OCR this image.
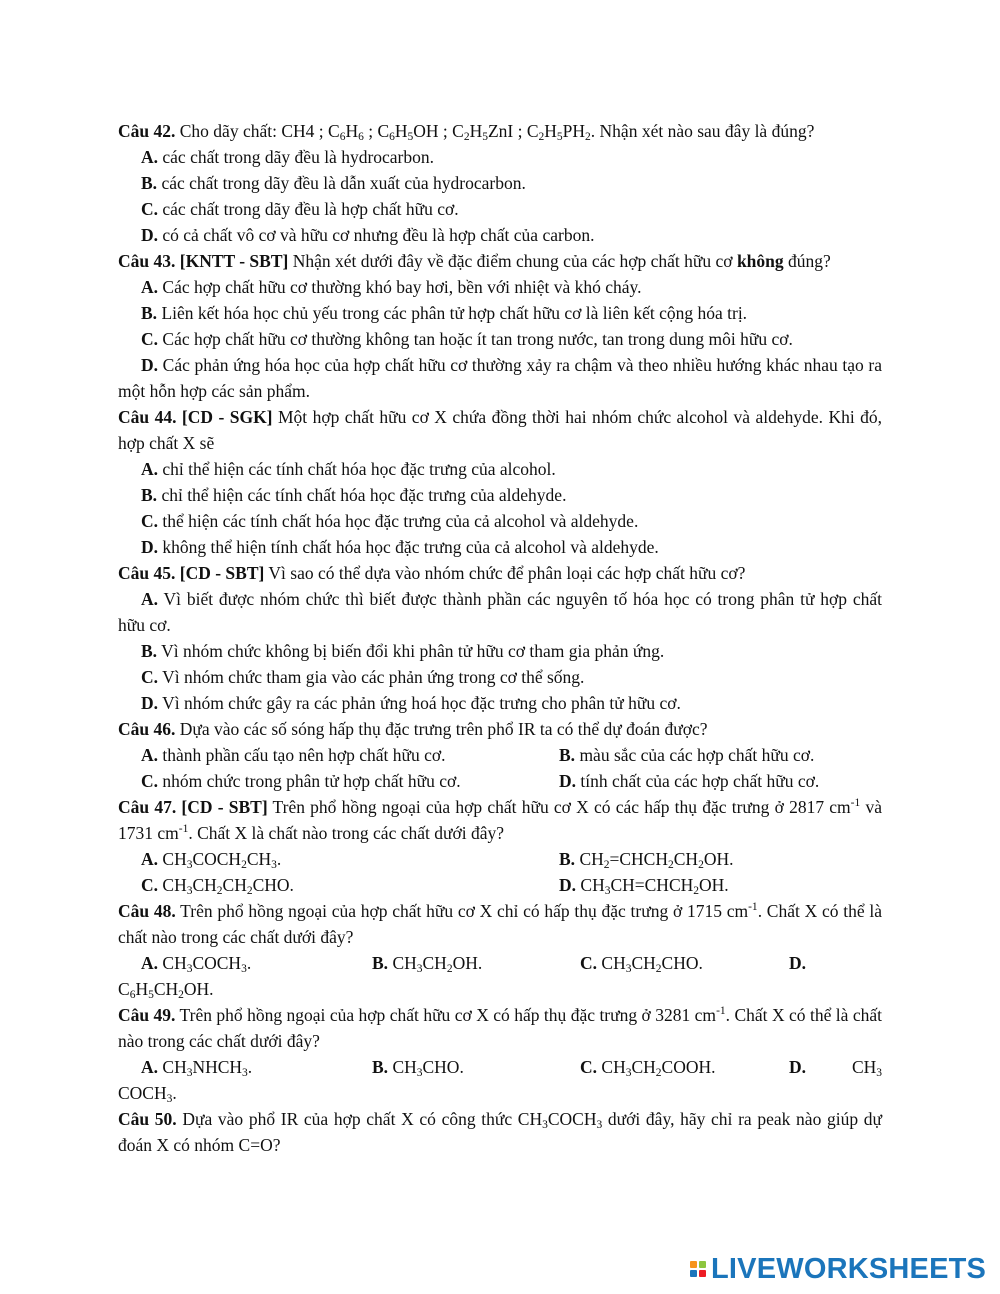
Câu 42. Cho dãy chất: CH4 ; $C_6H_6$ ; $C_6H_5OH$ ; $C_2H_5ZnI$ ; $C_2H_5PH_2$. Nhận xét nào sau đây là đúng?
A. các chất trong dãy đều là hydrocarbon.
B. các chất trong dãy đều là dẫn xuất của hydrocarbon.
C. các chất trong dãy đều là hợp chất hữu cơ.
D. có cả chất vô cơ và hữu cơ nhưng đều là hợp chất của carbon.
Câu 43. [KNTT - SBT] Nhận xét dưới đây về đặc điểm chung của các hợp chất hữu cơ không đúng?
A. Các hợp chất hữu cơ thường khó bay hơi, bền với nhiệt và khó cháy.
B. Liên kết hóa học chủ yếu trong các phân tử hợp chất hữu cơ là liên kết cộng hóa trị.
C. Các hợp chất hữu cơ thường không tan hoặc ít tan trong nước, tan trong dung môi hữu cơ.
D. Các phản ứng hóa học của hợp chất hữu cơ thường xảy ra chậm và theo nhiều hướng khác nhau tạo ra một hỗn hợp các sản phẩm.
Câu 44. [CD - SGK] Một hợp chất hữu cơ X chứa đồng thời hai nhóm chức alcohol và aldehyde. Khi đó, hợp chất X sẽ
A. chỉ thể hiện các tính chất hóa học đặc trưng của alcohol.
B. chỉ thể hiện các tính chất hóa học đặc trưng của aldehyde.
C. thể hiện các tính chất hóa học đặc trưng của cả alcohol và aldehyde.
D. không thể hiện tính chất hóa học đặc trưng của cả alcohol và aldehyde.
Câu 45. [CD - SBT] Vì sao có thể dựa vào nhóm chức để phân loại các hợp chất hữu cơ?
A. Vì biết được nhóm chức thì biết được thành phần các nguyên tố hóa học có trong phân tử hợp chất hữu cơ.
B. Vì nhóm chức không bị biến đổi khi phân tử hữu cơ tham gia phản ứng.
C. Vì nhóm chức tham gia vào các phản ứng trong cơ thể sống.
D. Vì nhóm chức gây ra các phản ứng hoá học đặc trưng cho phân tử hữu cơ.
Câu 46. Dựa vào các số sóng hấp thụ đặc trưng trên phổ IR ta có thể dự đoán được?
A. thành phần cấu tạo nên hợp chất hữu cơ.	B. màu sắc của các hợp chất hữu cơ.
C. nhóm chức trong phân tử hợp chất hữu cơ.	D. tính chất của các hợp chất hữu cơ.
Câu 47. [CD - SBT] Trên phổ hồng ngoại của hợp chất hữu cơ X có các hấp thụ đặc trưng ở 2817 $cm^{-1}$ và 1731 $cm^{-1}$. Chất X là chất nào trong các chất dưới đây?
A. $CH_3COCH_2CH_3$.	B. $CH_2=CHCH_2CH_2OH$.
C. $CH_3CH_2CH_2CHO$.	D. $CH_3CH=CHCH_2OH$.
Câu 48. Trên phổ hồng ngoại của hợp chất hữu cơ X chỉ có hấp thụ đặc trưng ở 1715 $cm^{-1}$. Chất X có thể là chất nào trong các chất dưới đây?
A. $CH_3COCH_3$.	B. $CH_3CH_2OH$.	C. $CH_3CH_2CHO$.	D.
$C_6H_5CH_2OH$.
Câu 49. Trên phổ hồng ngoại của hợp chất hữu cơ X có hấp thụ đặc trưng ở 3281 $cm^{-1}$. Chất X có thể là chất nào trong các chất dưới đây?
A. $CH_3NHCH_3$.	B. $CH_3CHO$.	C. $CH_3CH_2COOH$.	D.	$CH_3$
$COCH_3$.
Câu 50. Dựa vào phổ IR của hợp chất X có công thức $CH_3COCH_3$ dưới đây, hãy chỉ ra peak nào giúp dự đoán X có nhóm C=O?
LIVEWORKSHEETS
